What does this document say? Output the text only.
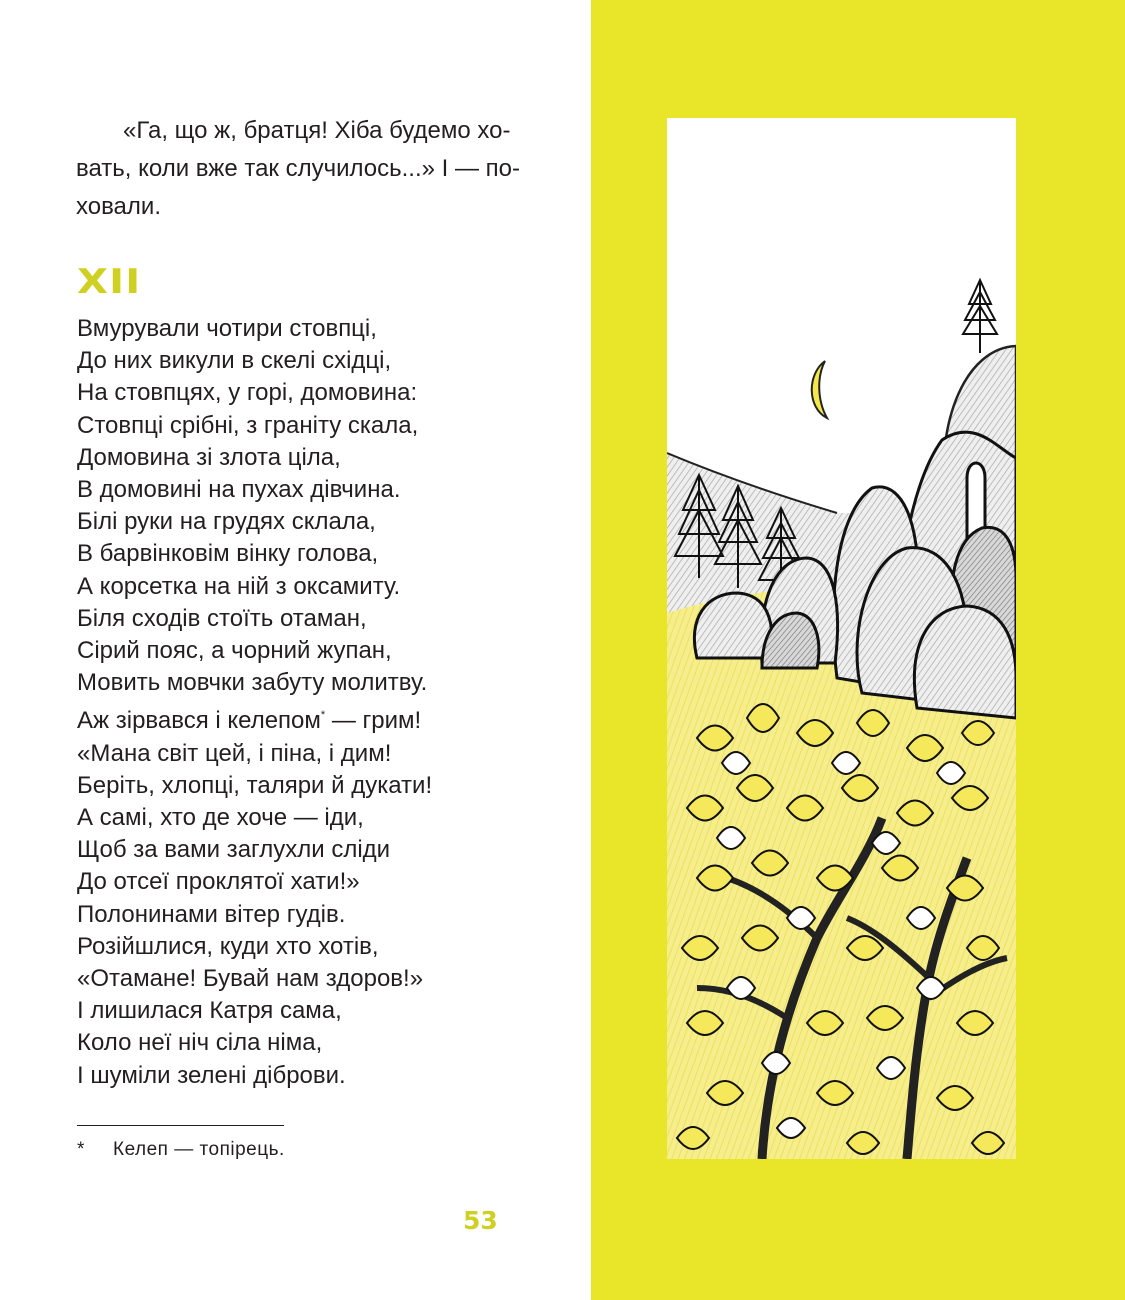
«Га, що ж, братця! Хіба будемо хо-
вать, коли вже так случилось...» І — по-
ховали.

XII
Вмурували чотири стовпці,
До них викули в скелі східці,
На стовпцях, у горі, домовина:
Стовпці срібні, з граніту скала,
Домовина зі злота ціла,
В домовині на пухах дівчина.
Білі руки на грудях склала,
В барвінковім вінку голова,
А корсетка на ній з оксамиту.
Біля сходів стоїть отаман,
Сірий пояс, а чорний жупан,
Мовить мовчки забуту молитву.
Аж зірвався і келепом* — грим!
«Мана світ цей, і піна, і дим!
Беріть, хлопці, таляри й дукати!
А самі, хто де хоче — іди,
Щоб за вами заглухли сліди
До отсеї проклятої хати!»
Полонинами вітер гудів.
Розійшлися, куди хто хотів,
«Отамане! Бувай нам здоров!»
І лишилася Катря сама,
Коло неї ніч сіла німа,
І шуміли зелені діброви.
* Келеп — топірець.
53
